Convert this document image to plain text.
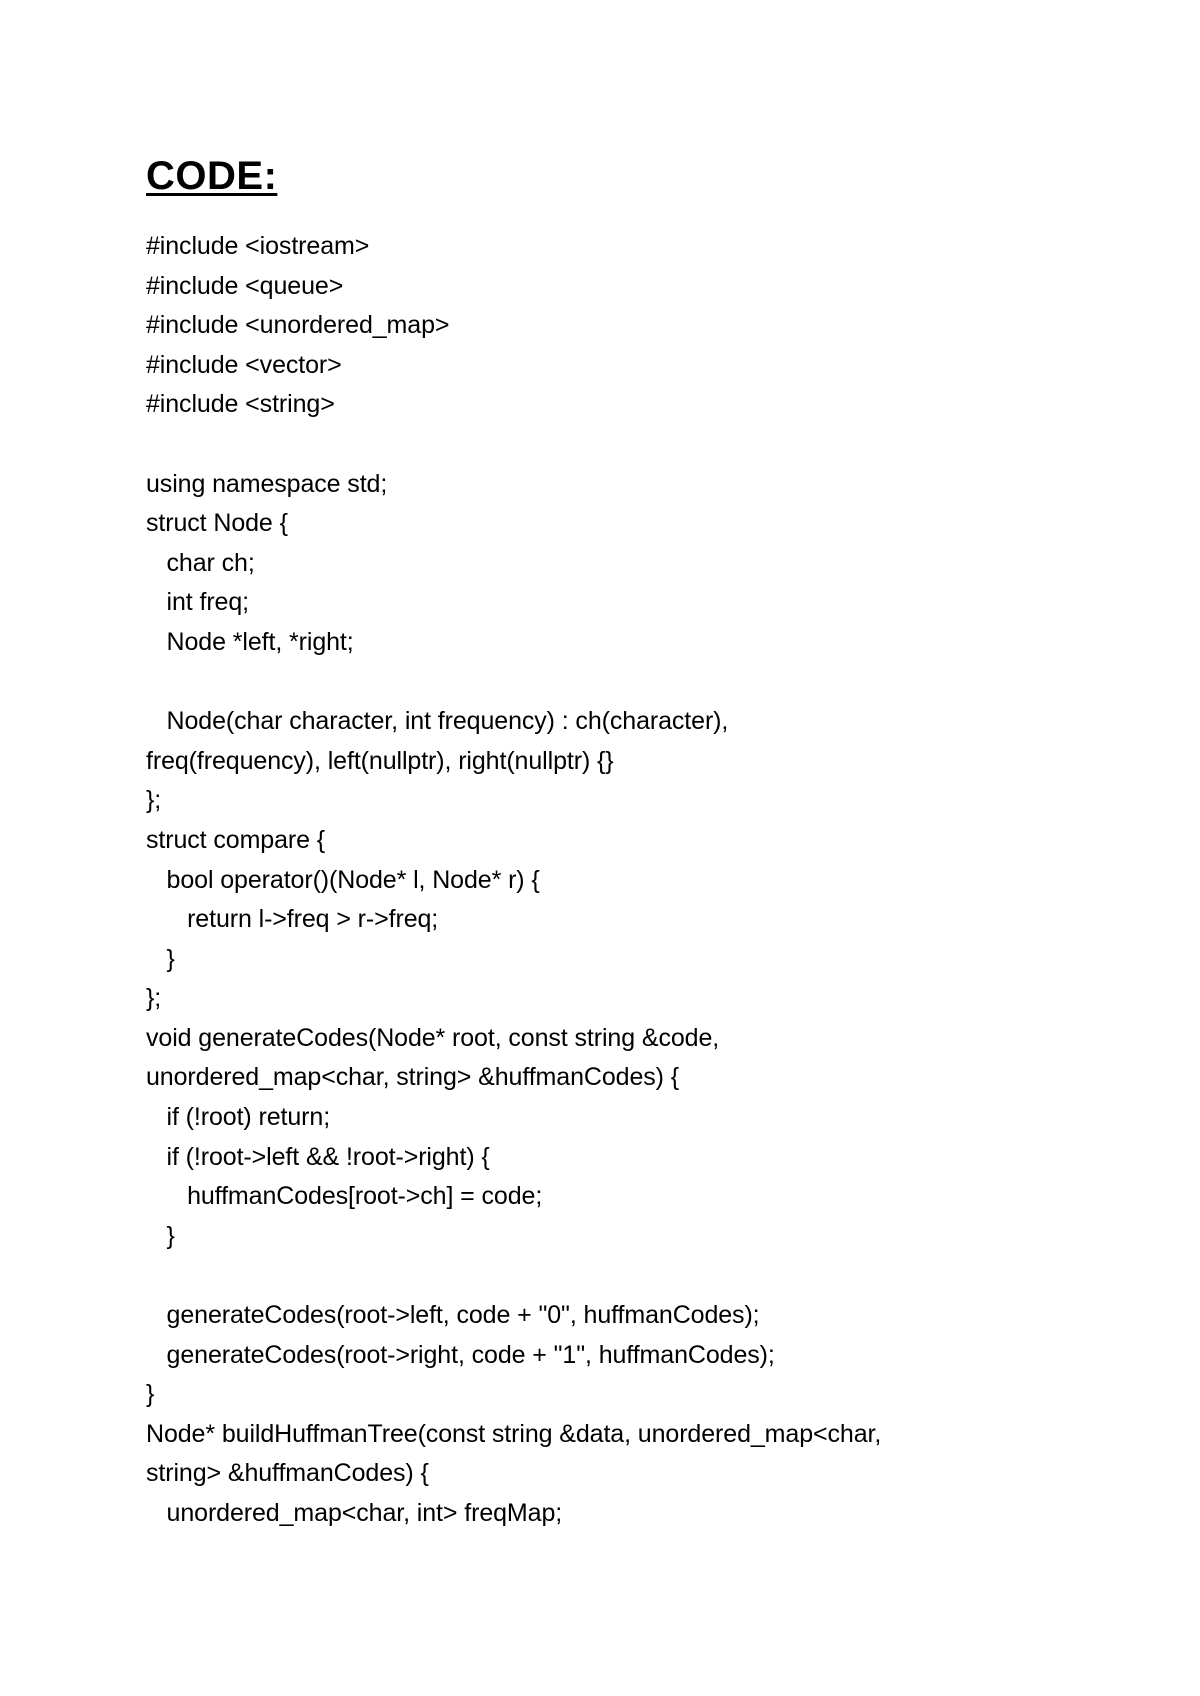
CODE:
#include <iostream>
#include <queue>
#include <unordered_map>
#include <vector>
#include <string>
using namespace std;
struct Node {
char ch;
int freq;
Node *left, *right;
Node(char character, int frequency) : ch(character),
freq(frequency), left(nullptr), right(nullptr) {}
};
struct compare {
bool operator()(Node* l, Node* r) {
return l->freq > r->freq;
}
};
void generateCodes(Node* root, const string &code,
unordered_map<char, string> &huffmanCodes) {
if (!root) return;
if (!root->left && !root->right) {
huffmanCodes[root->ch] = code;
}
generateCodes(root->left, code + "0", huffmanCodes);
generateCodes(root->right, code + "1", huffmanCodes);
}
Node* buildHuffmanTree(const string &data, unordered_map<char,
string> &huffmanCodes) {
unordered_map<char, int> freqMap;
